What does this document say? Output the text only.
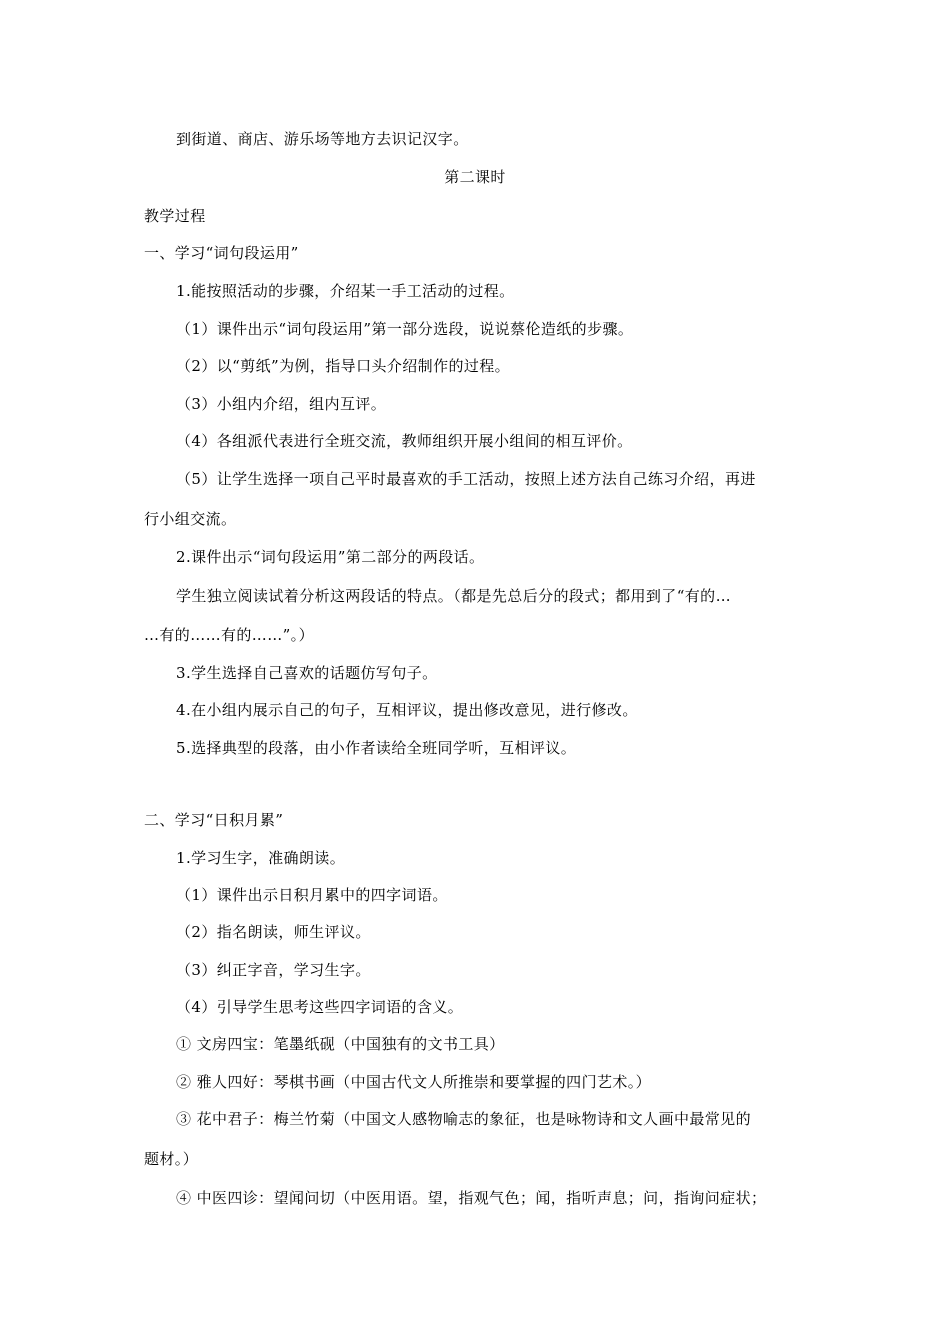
到街道、商店、游乐场等地方去识记汉字。
第二课时
教学过程
一、学习“词句段运用”
1.能按照活动的步骤，介绍某一手工活动的过程。
（1）课件出示“词句段运用”第一部分选段，说说蔡伦造纸的步骤。
（2）以“剪纸”为例，指导口头介绍制作的过程。
（3）小组内介绍，组内互评。
（4）各组派代表进行全班交流，教师组织开展小组间的相互评价。
（5）让学生选择一项自己平时最喜欢的手工活动，按照上述方法自己练习介绍，再进
行小组交流。
2.课件出示“词句段运用”第二部分的两段话。
学生独立阅读试着分析这两段话的特点。（都是先总后分的段式；都用到了“有的…
…有的……有的……”。）
3.学生选择自己喜欢的话题仿写句子。
4.在小组内展示自己的句子，互相评议，提出修改意见，进行修改。
5.选择典型的段落，由小作者读给全班同学听，互相评议。
二、学习“日积月累”
1.学习生字，准确朗读。
（1）课件出示日积月累中的四字词语。
（2）指名朗读，师生评议。
（3）纠正字音，学习生字。
（4）引导学生思考这些四字词语的含义。
① 文房四宝：笔墨纸砚（中国独有的文书工具）
② 雅人四好：琴棋书画（中国古代文人所推崇和要掌握的四门艺术。）
③ 花中君子：梅兰竹菊（中国文人感物喻志的象征，也是咏物诗和文人画中最常见的
题材。）
④ 中医四诊：望闻问切（中医用语。望，指观气色；闻，指听声息；问，指询问症状；
